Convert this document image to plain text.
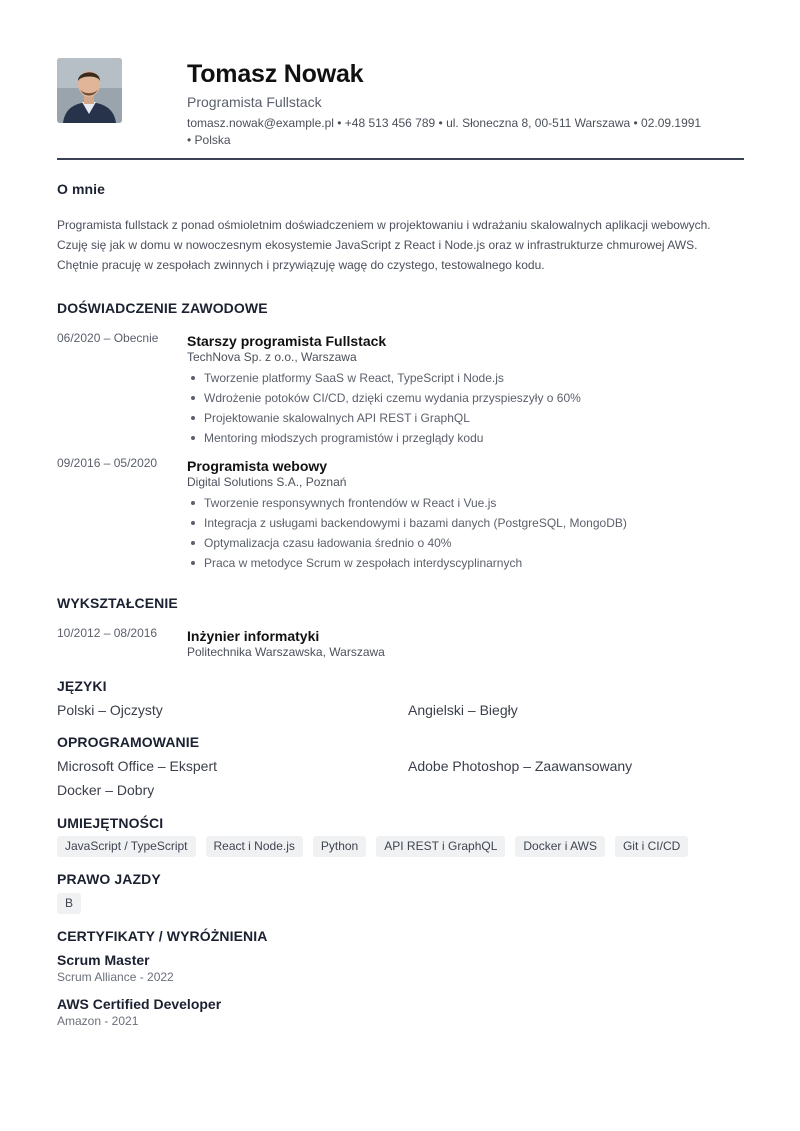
Tomasz Nowak
Programista Fullstack
tomasz.nowak@example.pl • +48 513 456 789 • ul. Słoneczna 8, 00-511 Warszawa • 02.09.1991
• Polska
O mnie
Programista fullstack z ponad ośmioletnim doświadczeniem w projektowaniu i wdrażaniu skalowalnych aplikacji webowych. Czuję się jak w domu w nowoczesnym ekosystemie JavaScript z React i Node.js oraz w infrastrukturze chmurowej AWS. Chętnie pracuję w zespołach zwinnych i przywiązuję wagę do czystego, testowalnego kodu.
DOŚWIADCZENIE ZAWODOWE
06/2020 – Obecnie Starszy programista Fullstack
TechNova Sp. z o.o., Warszawa
Tworzenie platformy SaaS w React, TypeScript i Node.js
Wdrożenie potoków CI/CD, dzięki czemu wydania przyspieszyły o 60%
Projektowanie skalowalnych API REST i GraphQL
Mentoring młodszych programistów i przeglądy kodu
09/2016 – 05/2020 Programista webowy
Digital Solutions S.A., Poznań
Tworzenie responsywnych frontendów w React i Vue.js
Integracja z usługami backendowymi i bazami danych (PostgreSQL, MongoDB)
Optymalizacja czasu ładowania średnio o 40%
Praca w metodyce Scrum w zespołach interdyscyplinarnych
WYKSZTAŁCENIE
10/2012 – 08/2016 Inżynier informatyki
Politechnika Warszawska, Warszawa
JĘZYKI
Polski – Ojczysty	Angielski – Biegły
OPROGRAMOWANIE
Microsoft Office – Ekspert	Adobe Photoshop – Zaawansowany
Docker – Dobry
UMIEJĘTNOŚCI
JavaScript / TypeScript	React i Node.js	Python	API REST i GraphQL	Docker i AWS	Git i CI/CD
PRAWO JAZDY
B
CERTYFIKATY / WYRÓŻNIENIA
Scrum Master
Scrum Alliance - 2022
AWS Certified Developer
Amazon - 2021
